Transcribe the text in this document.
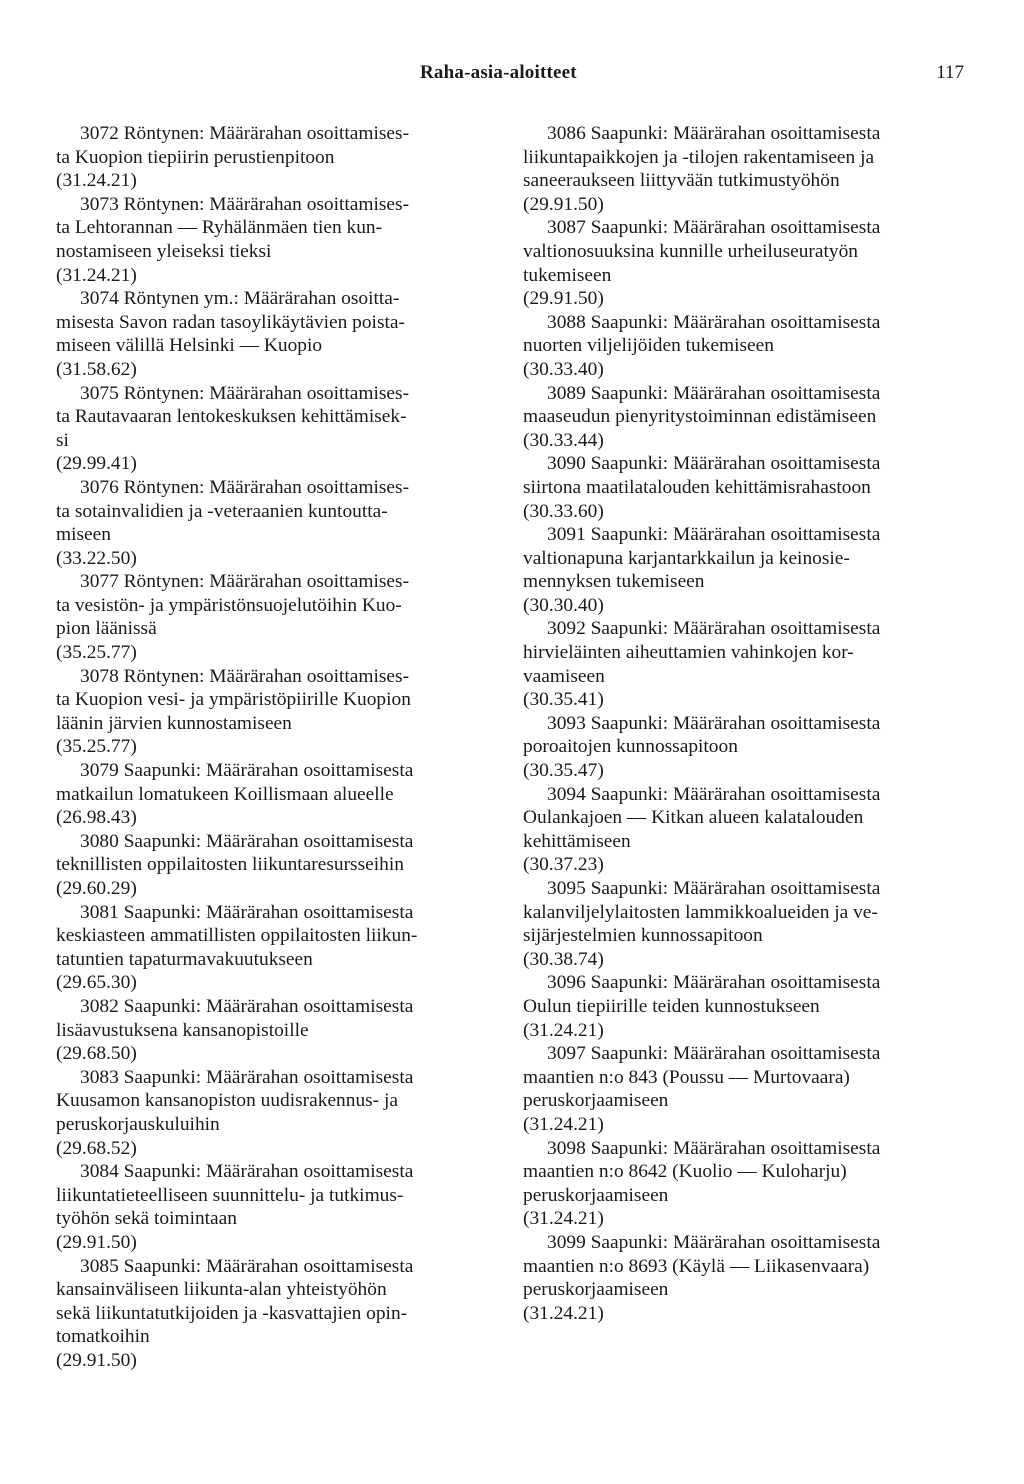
Raha-asia-aloitteet	117
3072 Röntynen: Määrärahan osoittamises-
ta Kuopion tiepiirin perustienpitoon
(31.24.21)
3073 Röntynen: Määrärahan osoittamises-
ta Lehtorannan — Ryhälänmäen tien kun-
nostamiseen yleiseksi tieksi
(31.24.21)
3074 Röntynen ym.: Määrärahan osoitta-
misesta Savon radan tasoylikäytävien poista-
miseen välillä Helsinki — Kuopio
(31.58.62)
3075 Röntynen: Määrärahan osoittamises-
ta Rautavaaran lentokeskuksen kehittämisek-
si
(29.99.41)
3076 Röntynen: Määrärahan osoittamises-
ta sotainvalidien ja -veteraanien kuntoutta-
miseen
(33.22.50)
3077 Röntynen: Määrärahan osoittamises-
ta vesistön- ja ympäristönsuojelutöihin Kuo-
pion läänissä
(35.25.77)
3078 Röntynen: Määrärahan osoittamises-
ta Kuopion vesi- ja ympäristöpiirille Kuopion
läänin järvien kunnostamiseen
(35.25.77)
3079 Saapunki: Määrärahan osoittamisesta
matkailun lomatukeen Koillismaan alueelle
(26.98.43)
3080 Saapunki: Määrärahan osoittamisesta
teknillisten oppilaitosten liikuntaresursseihin
(29.60.29)
3081 Saapunki: Määrärahan osoittamisesta
keskiasteen ammatillisten oppilaitosten liikun-
tatuntien tapaturmavakuutukseen
(29.65.30)
3082 Saapunki: Määrärahan osoittamisesta
lisäavustuksena kansanopistoille
(29.68.50)
3083 Saapunki: Määrärahan osoittamisesta
Kuusamon kansanopiston uudisrakennus- ja
peruskorjauskuluihin
(29.68.52)
3084 Saapunki: Määrärahan osoittamisesta
liikuntatieteelliseen suunnittelu- ja tutkimus-
työhön sekä toimintaan
(29.91.50)
3085 Saapunki: Määrärahan osoittamisesta
kansainväliseen liikunta-alan yhteistyöhön
sekä liikuntatutkijoiden ja -kasvattajien opin-
tomatkoihin
(29.91.50)
3086 Saapunki: Määrärahan osoittamisesta
liikuntapaikkojen ja -tilojen rakentamiseen ja
saneeraukseen liittyvään tutkimustyöhön
(29.91.50)
3087 Saapunki: Määrärahan osoittamisesta
valtionosuuksina kunnille urheiluseuratyön
tukemiseen
(29.91.50)
3088 Saapunki: Määrärahan osoittamisesta
nuorten viljelijöiden tukemiseen
(30.33.40)
3089 Saapunki: Määrärahan osoittamisesta
maaseudun pienyritystoiminnan edistämiseen
(30.33.44)
3090 Saapunki: Määrärahan osoittamisesta
siirtona maatilatalouden kehittämisrahastoon
(30.33.60)
3091 Saapunki: Määrärahan osoittamisesta
valtionapuna karjantarkkailun ja keinosie-
mennyksen tukemiseen
(30.30.40)
3092 Saapunki: Määrärahan osoittamisesta
hirvieläinten aiheuttamien vahinkojen kor-
vaamiseen
(30.35.41)
3093 Saapunki: Määrärahan osoittamisesta
poroaitojen kunnossapitoon
(30.35.47)
3094 Saapunki: Määrärahan osoittamisesta
Oulankajoen — Kitkan alueen kalatalouden
kehittämiseen
(30.37.23)
3095 Saapunki: Määrärahan osoittamisesta
kalanviljelylaitosten lammikkoalueiden ja ve-
sijärjestelmien kunnossapitoon
(30.38.74)
3096 Saapunki: Määrärahan osoittamisesta
Oulun tiepiirille teiden kunnostukseen
(31.24.21)
3097 Saapunki: Määrärahan osoittamisesta
maantien n:o 843 (Poussu — Murtovaara)
peruskorjaamiseen
(31.24.21)
3098 Saapunki: Määrärahan osoittamisesta
maantien n:o 8642 (Kuolio — Kuloharju)
peruskorjaamiseen
(31.24.21)
3099 Saapunki: Määrärahan osoittamisesta
maantien n:o 8693 (Käylä — Liikasenvaara)
peruskorjaamiseen
(31.24.21)
